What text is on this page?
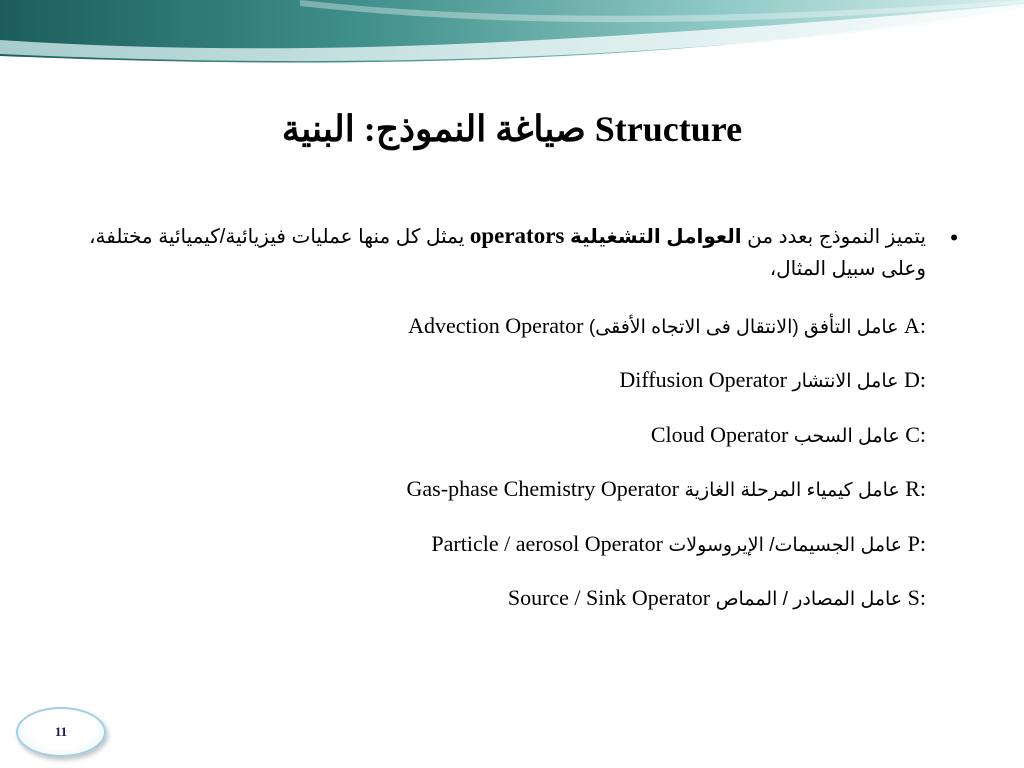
صياغة النموذج: البنية Structure

•
يتميز النموذج بعدد من العوامل التشغيلية operators يمثل كل منها عمليات فيزيائية/كيميائية مختلفة، وعلى سبيل المثال،

Advection Operator عامل التأفق (الانتقال فى الاتجاه الأفقى) A:
Diffusion Operator عامل الانتشار D:
Cloud Operator عامل السحب C:
Gas-phase Chemistry Operator عامل كيمياء المرحلة الغازية R:
Particle / aerosol Operator عامل الجسيمات/ الإيروسولات P:
Source / Sink Operator عامل المصادر / المماص S:
11
